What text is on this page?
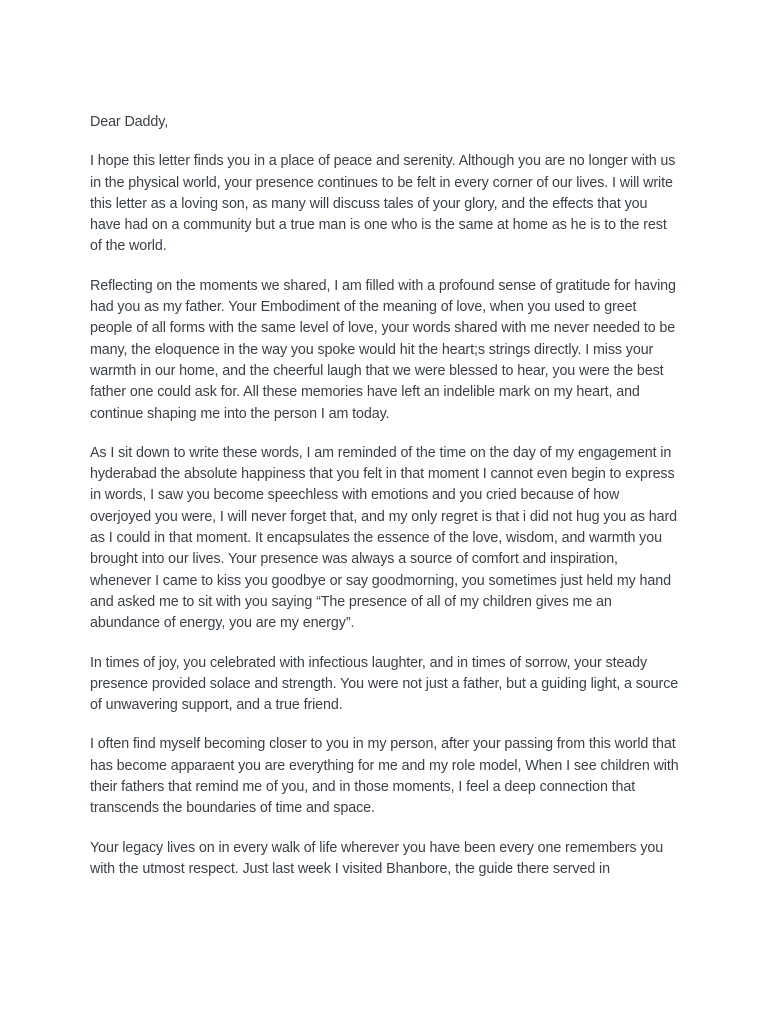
Dear Daddy,

I hope this letter finds you in a place of peace and serenity. Although you are no longer with us in the physical world, your presence continues to be felt in every corner of our lives. I will write this letter as a loving son, as many will discuss tales of your glory, and the effects that you have had on a community but a true man is one who is the same at home as he is to the rest of the world.

Reflecting on the moments we shared, I am filled with a profound sense of gratitude for having had you as my father. Your Embodiment of the meaning of love, when you used to greet people of all forms with the same level of love, your words shared with me never needed to be many, the eloquence in the way you spoke would hit the heart;s strings directly. I miss your warmth in our home, and the cheerful laugh that we were blessed to hear, you were the best father one could ask for. All these memories have left an indelible mark on my heart, and continue shaping me into the person I am today.

As I sit down to write these words, I am reminded of the time on the day of my engagement in hyderabad the absolute happiness that you felt in that moment I cannot even begin to express in words, I saw you become speechless with emotions and you cried because of how overjoyed you were, I will never forget that, and my only regret is that i did not hug you as hard as I could in that moment. It encapsulates the essence of the love, wisdom, and warmth you brought into our lives. Your presence was always a source of comfort and inspiration, whenever I came to kiss you goodbye or say goodmorning, you sometimes just held my hand and asked me to sit with you saying “The presence of all of my children gives me an abundance of energy, you are my energy”.

In times of joy, you celebrated with infectious laughter, and in times of sorrow, your steady presence provided solace and strength. You were not just a father, but a guiding light, a source of unwavering support, and a true friend.

I often find myself becoming closer to you in my person, after your passing from this world that has become apparaent you are everything for me and my role model, When I see children with their fathers that remind me of you, and in those moments, I feel a deep connection that transcends the boundaries of time and space.

Your legacy lives on in every walk of life wherever you have been every one remembers you with the utmost respect. Just last week I visited Bhanbore, the guide there served in
